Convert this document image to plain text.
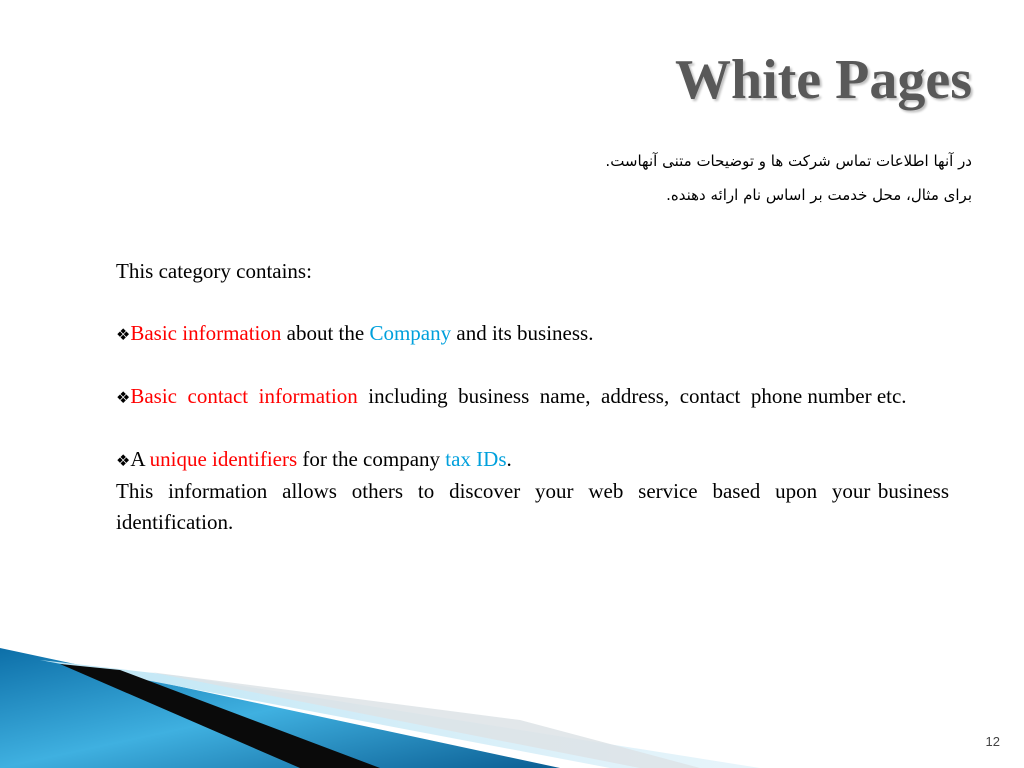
White Pages
در آنها اطلاعات تماس شرکت ها و توضیحات متنی آنهاست.
برای مثال، محل خدمت بر اساس نام ارائه دهنده.

This category contains:

❖Basic information about the Company and its business.

❖Basic  contact  information  including  business  name,  address,  contact  phone number etc.

❖A unique identifiers for the company tax IDs.

This  information  allows  others  to  discover  your  web  service  based  upon  your business identification.

12
